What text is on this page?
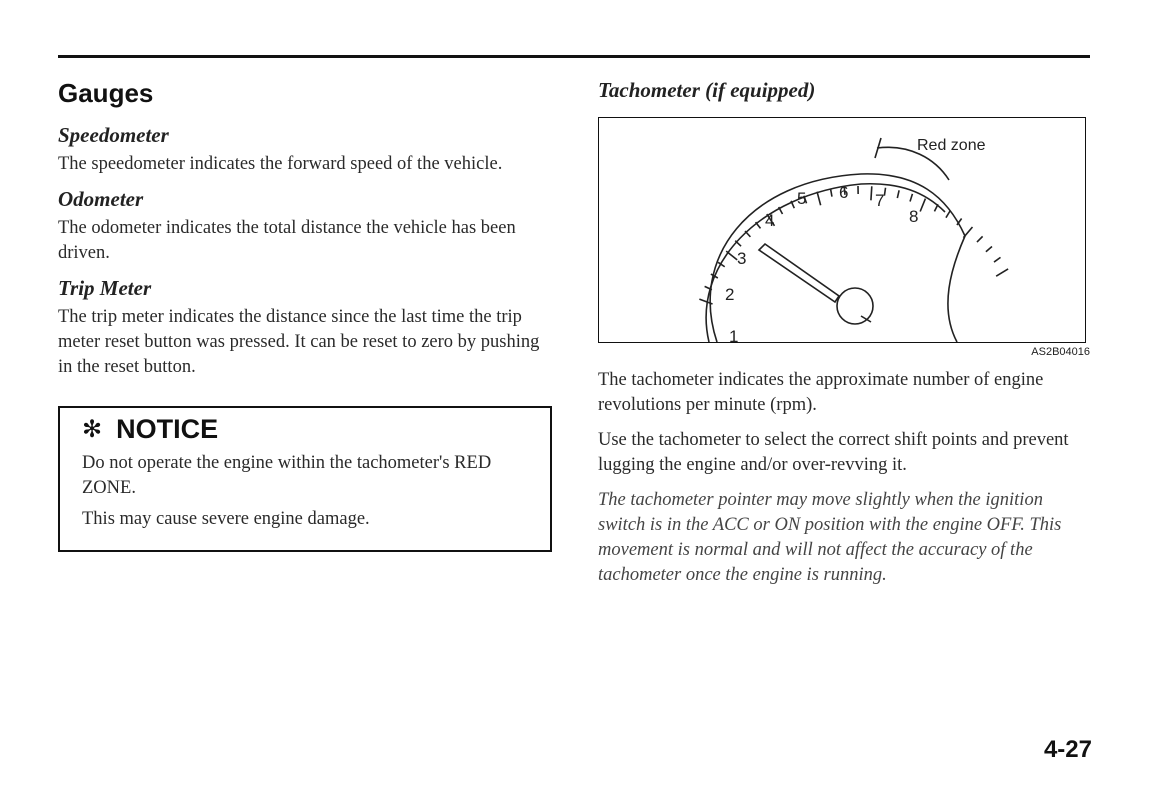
Gauges
Speedometer

The speedometer indicates the forward speed of the vehicle.

Odometer

The odometer indicates the total distance the vehicle has been driven.

Trip Meter

The trip meter indicates the distance since the last time the trip meter reset button was pressed. It can be reset to zero by pushing in the reset button.

✻ NOTICE

Do not operate the engine within the tachometer's RED ZONE.

This may cause severe engine damage.

Tachometer (if equipped)
1
2
3
4
5 6 7
8
Red zone
AS2B04016

The tachometer indicates the approximate number of engine revolutions per minute (rpm).

Use the tachometer to select the correct shift points and prevent lugging the engine and/or over-revving it.

The tachometer pointer may move slightly when the ignition switch is in the ACC or ON position with the engine OFF. This movement is normal and will not affect the accuracy of the tachometer once the engine is running.

4-27
